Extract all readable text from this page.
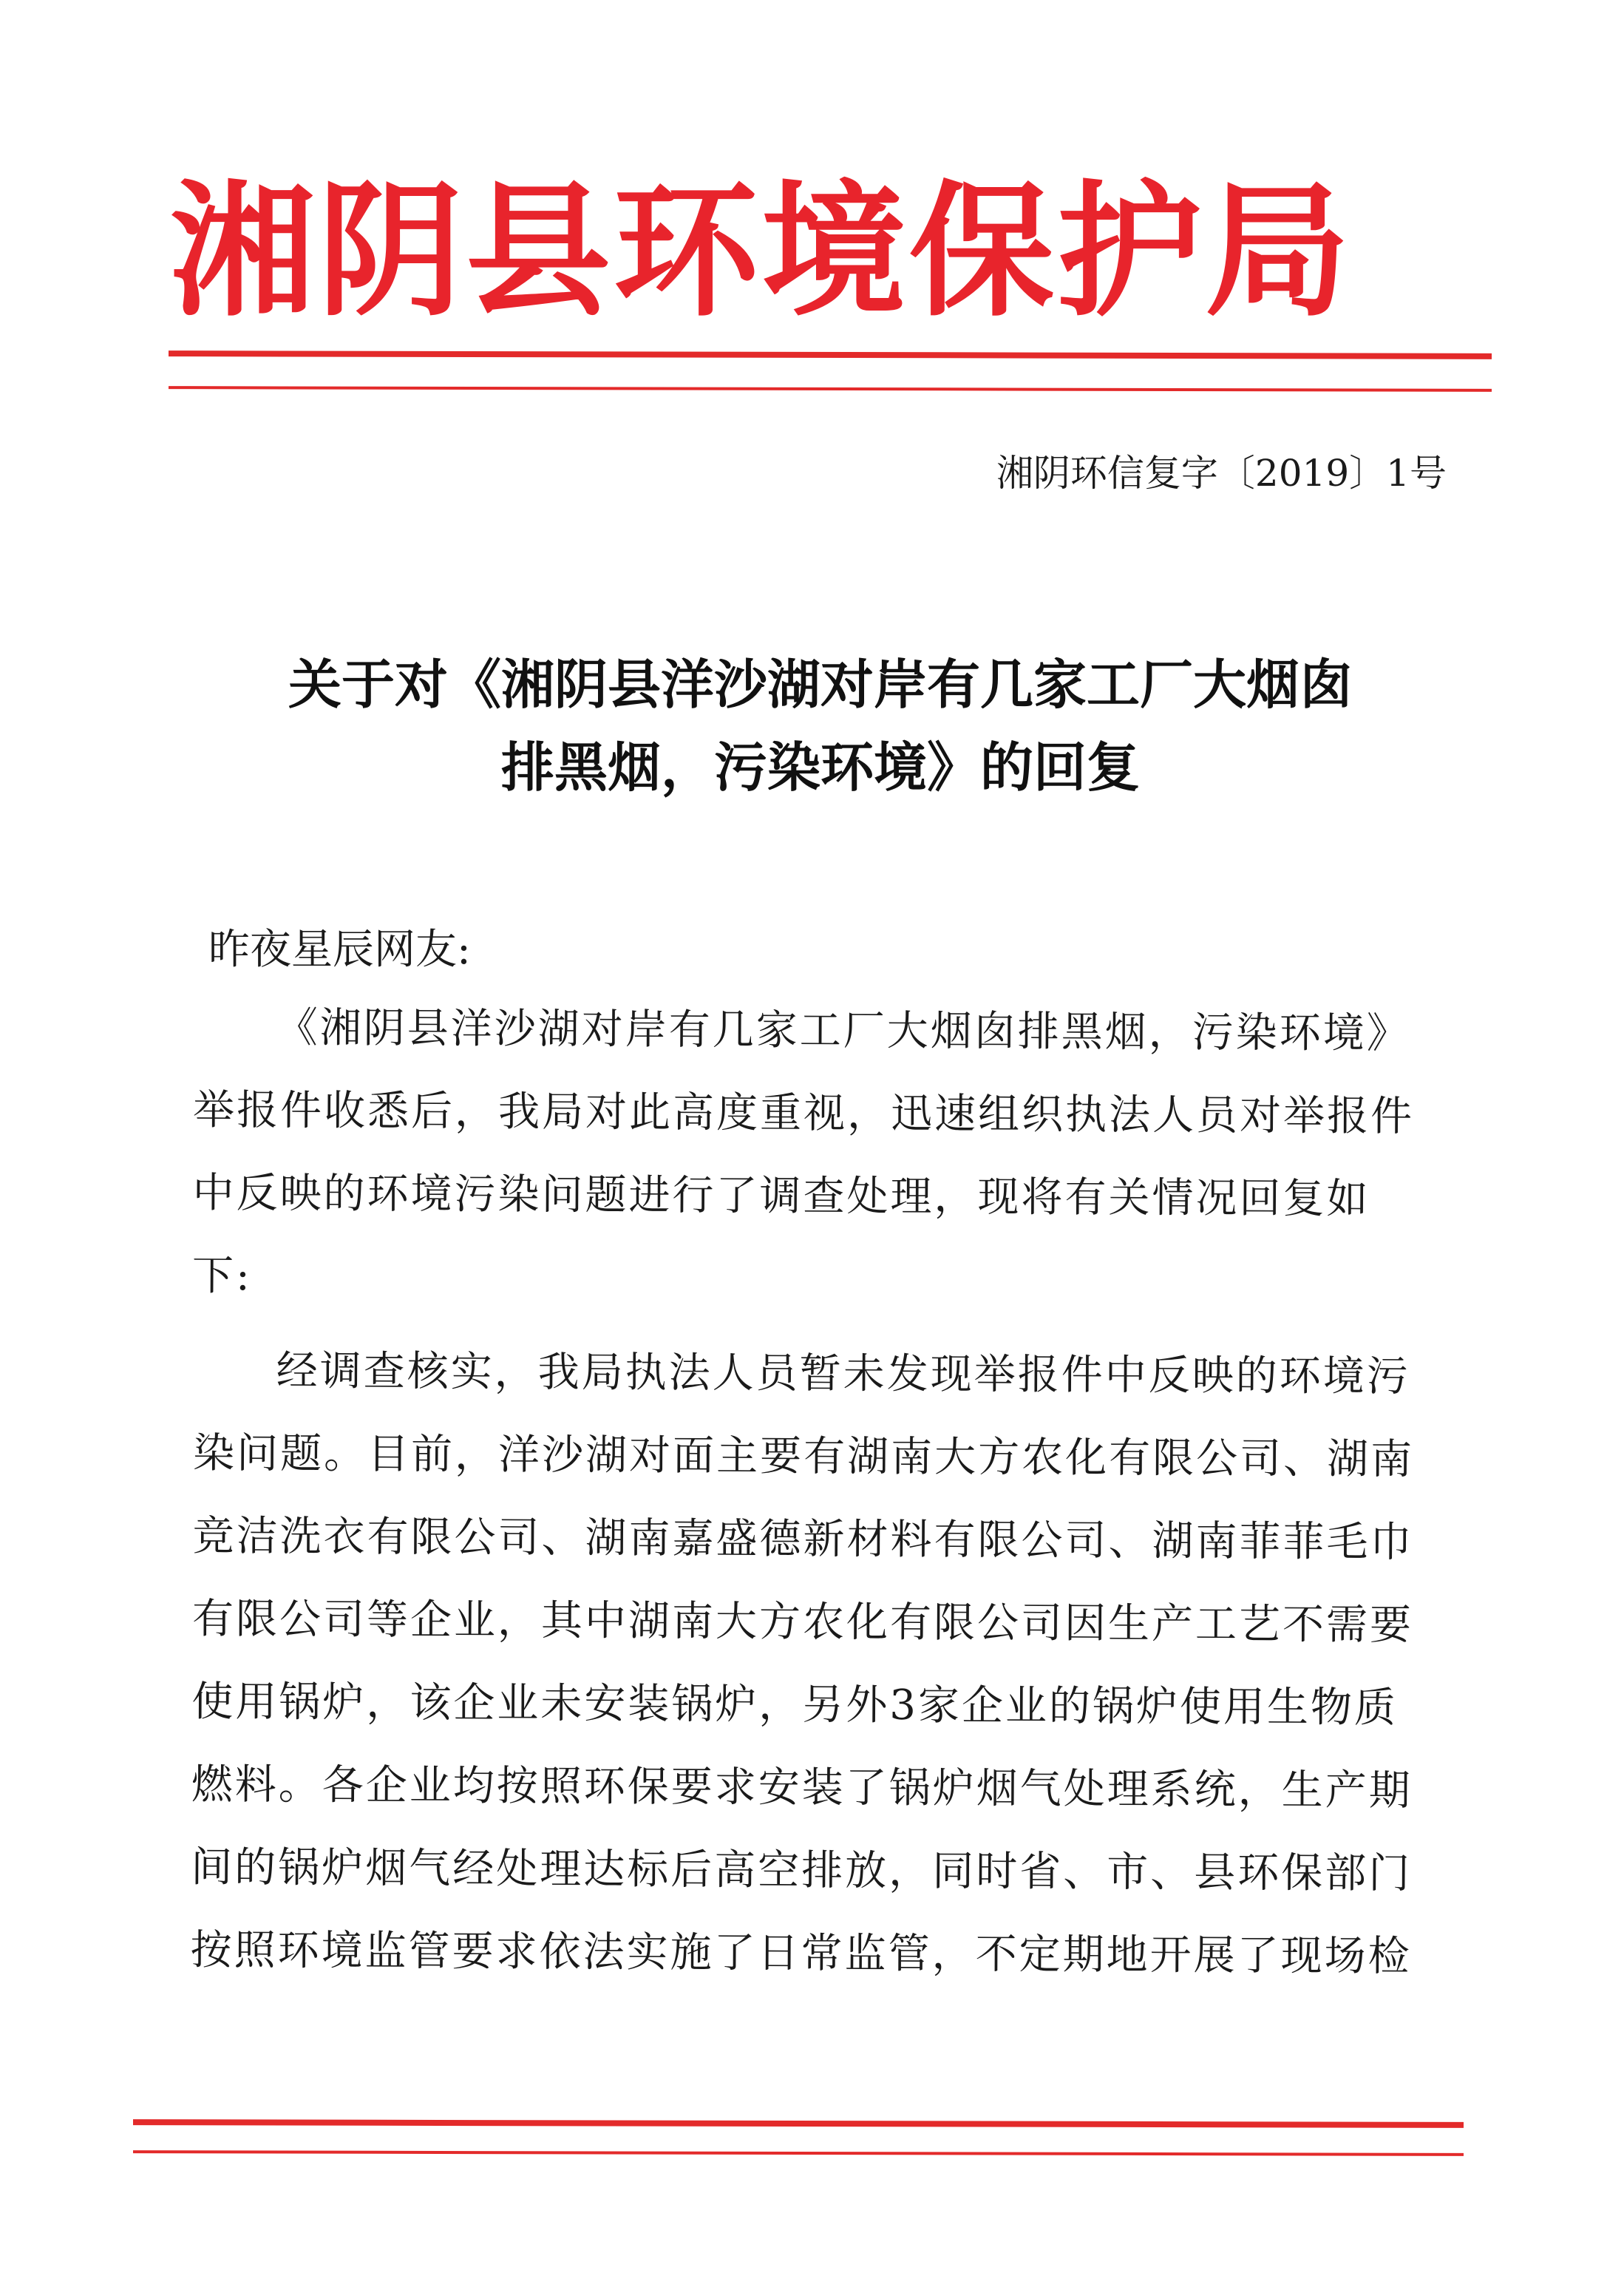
湘阴县环境保护局
湘阴环信复字〔2019〕1号
关于对《湘阴县洋沙湖对岸有几家工厂大烟囱
排黑烟，污染环境》的回复
昨夜星辰网友:
《湘阴县洋沙湖对岸有几家工厂大烟囱排黑烟，污染环境》
举报件收悉后，我局对此高度重视，迅速组织执法人员对举报件
中反映的环境污染问题进行了调查处理，现将有关情况回复如
下:
经调查核实，我局执法人员暂未发现举报件中反映的环境污
染问题。目前，洋沙湖对面主要有湖南大方农化有限公司、湖南
竞洁洗衣有限公司、湖南嘉盛德新材料有限公司、湖南菲菲毛巾
有限公司等企业，其中湖南大方农化有限公司因生产工艺不需要
使用锅炉，该企业未安装锅炉，另外3家企业的锅炉使用生物质
燃料。各企业均按照环保要求安装了锅炉烟气处理系统，生产期
间的锅炉烟气经处理达标后高空排放，同时省、市、县环保部门
按照环境监管要求依法实施了日常监管，不定期地开展了现场检
